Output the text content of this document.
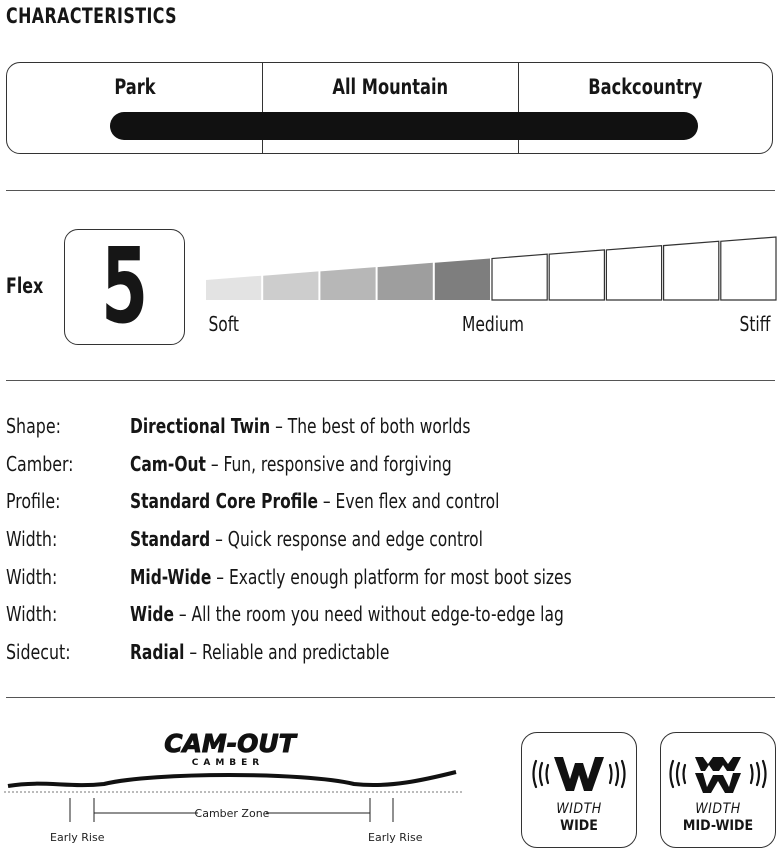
CHARACTERISTICS
Park	All Mountain	Backcountry
Flex 5	Soft	Medium	Stiff
Shape:	Directional Twin – The best of both worlds
Camber:	Cam-Out – Fun, responsive and forgiving
Profile:	Standard Core Profile – Even flex and control
Width:	Standard – Quick response and edge control
Width:	Mid-Wide – Exactly enough platform for most boot sizes
Width:	Wide – All the room you need without edge-to-edge lag
Sidecut:	Radial – Reliable and predictable
CAM-OUT
CAMBER
Camber Zone
Early Rise	Early Rise
WIDTH
WIDE
WIDTH
MID-WIDE
